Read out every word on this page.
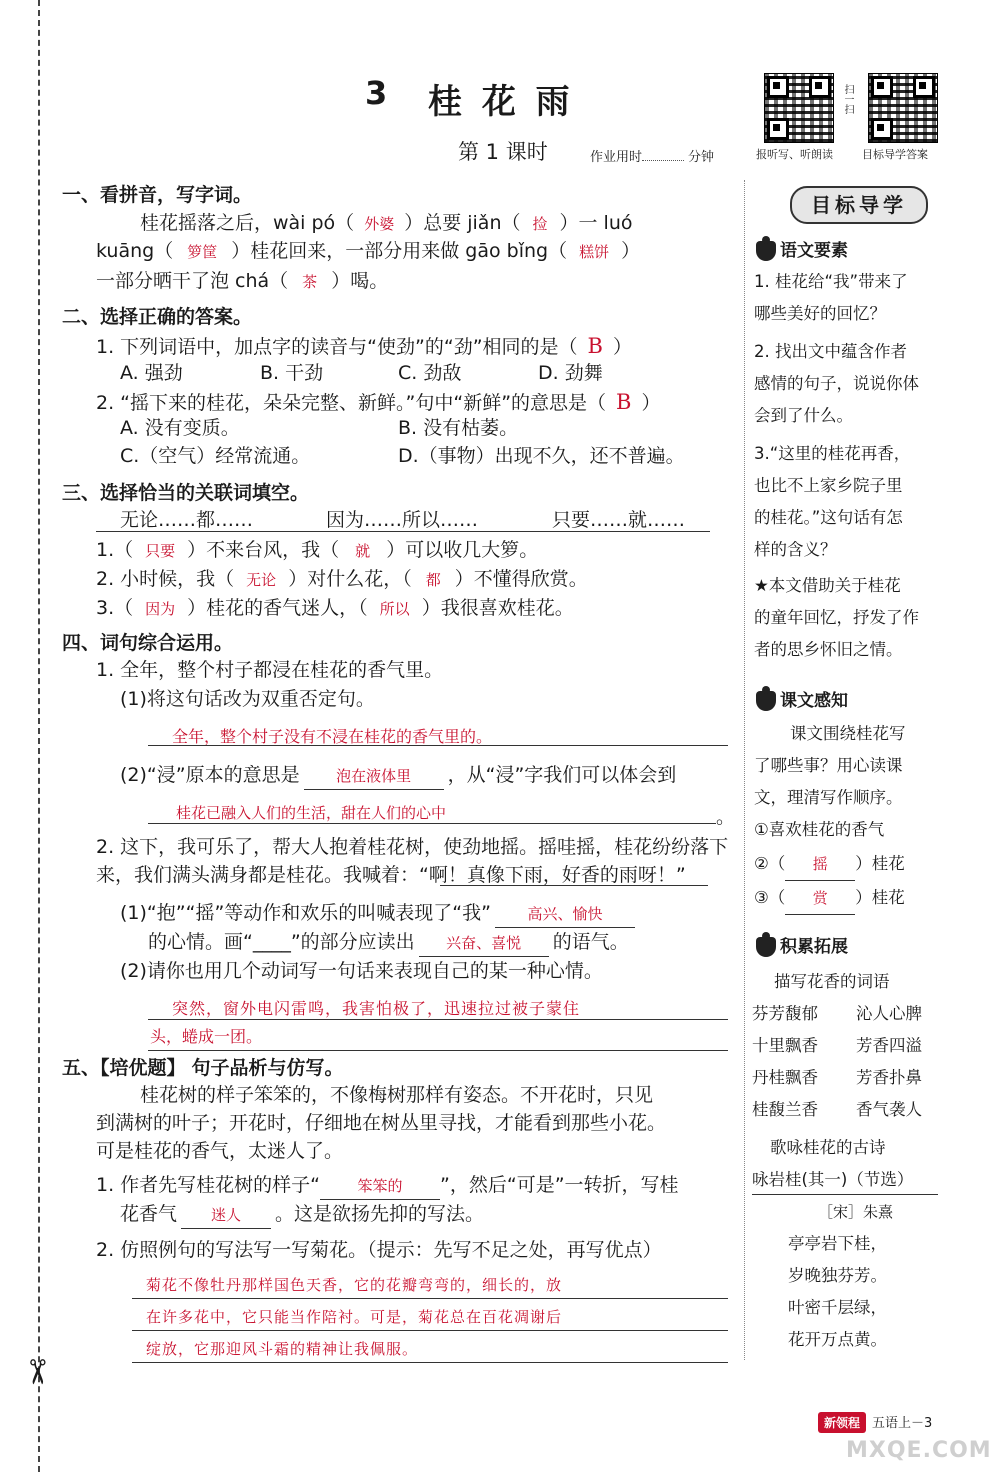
✂
3 桂 花 雨
第 1 课时	作业用时	分钟
扫一扫
报听写、听朗读	目标导学答案
一、看拼音，写字词。
桂花摇落之后，wài pó（ 外婆 ）总要 jiǎn（ 捡 ）一 luó
kuāng（ 箩筐 ）桂花回来，一部分用来做 gāo bǐng（ 糕饼 ）
一部分晒干了泡 chá（ 茶 ）喝。
二、选择正确的答案。
1. 下列词语中，加点字的读音与“使劲”的“劲”相同的是（ B ）
A. 强劲	B. 干劲	C. 劲敌	D. 劲舞
2. “摇下来的桂花，朵朵完整、新鲜。”句中“新鲜”的意思是（ B ）
A. 没有变质。	B. 没有枯萎。
C.（空气）经常流通。	D.（事物）出现不久，还不普遍。
三、选择恰当的关联词填空。
无论……都……	因为……所以……	只要……就……
1.（ 只要 ）不来台风，我（ 就 ）可以收几大箩。
2. 小时候，我（ 无论 ）对什么花，（ 都 ）不懂得欣赏。
3.（ 因为 ）桂花的香气迷人，（ 所以 ）我很喜欢桂花。
四、词句综合运用。
1. 全年，整个村子都浸在桂花的香气里。
(1)将这句话改为双重否定句。
全年，整个村子没有不浸在桂花的香气里的。
(2)“浸”原本的意思是 泡在液体里 ，从“浸”字我们可以体会到
桂花已融入人们的生活，甜在人们的心中	。
2. 这下，我可乐了，帮大人抱着桂花树，使劲地摇。摇哇摇，桂花纷纷落下
来，我们满头满身都是桂花。我喊着：“啊！真像下雨，好香的雨呀！”
(1)“抱”“摇”等动作和欢乐的叫喊表现了“我” 高兴、愉快
的心情。画“____”的部分应读出 兴奋、喜悦 的语气。
(2)请你也用几个动词写一句话来表现自己的某一种心情。
突然，窗外电闪雷鸣，我害怕极了，迅速拉过被子蒙住
头，蜷成一团。
五、【培优题】 句子品析与仿写。
桂花树的样子笨笨的，不像梅树那样有姿态。不开花时，只见
到满树的叶子；开花时，仔细地在树丛里寻找，才能看到那些小花。
可是桂花的香气，太迷人了。
1. 作者先写桂花树的样子“ 笨笨的 ”，然后“可是”一转折，写桂
花香气 迷人 。这是欲扬先抑的写法。
2. 仿照例句的写法写一写菊花。（提示：先写不足之处，再写优点）
菊花不像牡丹那样国色天香，它的花瓣弯弯的，细长的，放
在许多花中，它只能当作陪衬。可是，菊花总在百花凋谢后
绽放，它那迎风斗霜的精神让我佩服。
目标导学
语文要素
1. 桂花给“我”带来了
哪些美好的回忆？
2. 找出文中蕴含作者
感情的句子，说说你体
会到了什么。
3.“这里的桂花再香，
也比不上家乡院子里
的桂花。”这句话有怎
样的含义？
★本文借助关于桂花
的童年回忆，抒发了作
者的思乡怀旧之情。
课文感知
课文围绕桂花写
了哪些事？用心读课
文，理清写作顺序。
①喜欢桂花的香气
②（ 摇 ）桂花
③（ 赏 ）桂花
积累拓展
描写花香的词语
芬芳馥郁 沁人心脾
十里飘香 芳香四溢
丹桂飘香 芳香扑鼻
桂馥兰香 香气袭人
歌咏桂花的古诗
咏岩桂(其一)（节选）
［宋］朱熹
亭亭岩下桂，
岁晚独芬芳。
叶密千层绿，
花开万点黄。
新领程 五语上－3
MXQE.COM
